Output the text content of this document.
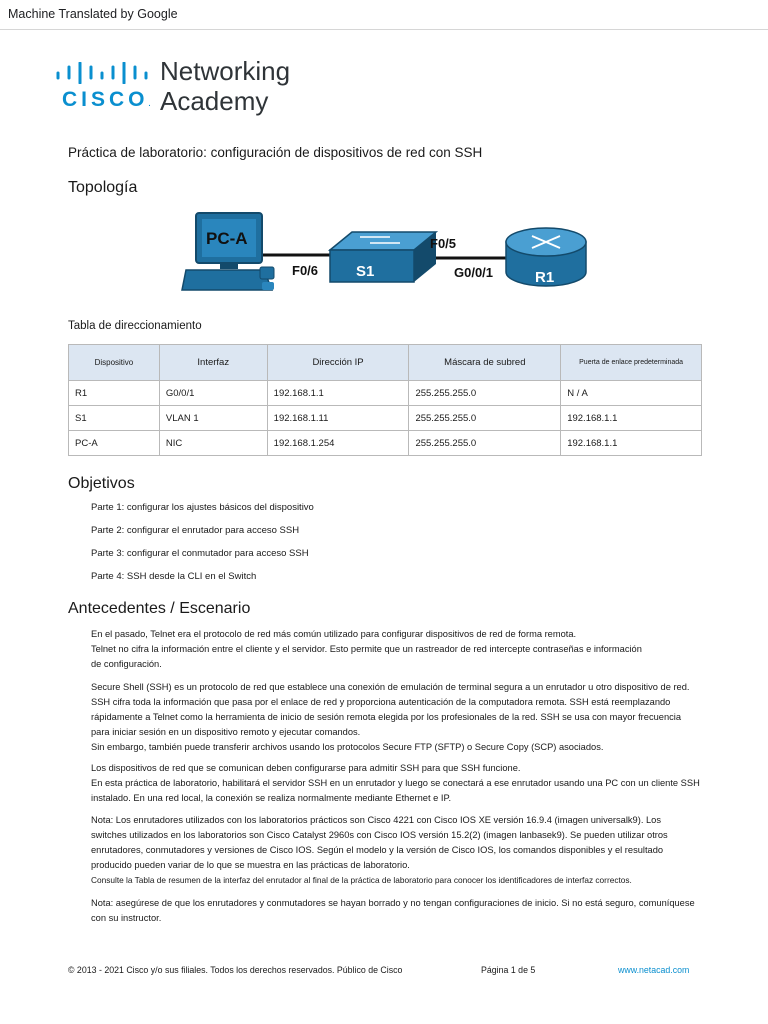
Machine Translated by Google
CISCO.
Networking
Academy
Práctica de laboratorio: configuración de dispositivos de red con SSH
Topología
PC-A
S1	R1
F0/6
F0/5
G0/0/1
Tabla de direccionamiento
Dispositivo	Interfaz	Dirección IP	Máscara de subred	Puerta de enlace predeterminada
R1	G0/0/1	192.168.1.1	255.255.255.0	N / A
S1	VLAN 1	192.168.1.11	255.255.255.0	192.168.1.1
PC-A	NIC	192.168.1.254	255.255.255.0	192.168.1.1
Objetivos
Parte 1: configurar los ajustes básicos del dispositivo
Parte 2: configurar el enrutador para acceso SSH
Parte 3: configurar el conmutador para acceso SSH
Parte 4: SSH desde la CLI en el Switch
Antecedentes / Escenario
En el pasado, Telnet era el protocolo de red más común utilizado para configurar dispositivos de red de forma remota.
Telnet no cifra la información entre el cliente y el servidor. Esto permite que un rastreador de red intercepte contraseñas e información
de configuración.
Secure Shell (SSH) es un protocolo de red que establece una conexión de emulación de terminal segura a un enrutador u otro dispositivo de red.
SSH cifra toda la información que pasa por el enlace de red y proporciona autenticación de la computadora remota. SSH está reemplazando
rápidamente a Telnet como la herramienta de inicio de sesión remota elegida por los profesionales de la red. SSH se usa con mayor frecuencia
para iniciar sesión en un dispositivo remoto y ejecutar comandos.
Sin embargo, también puede transferir archivos usando los protocolos Secure FTP (SFTP) o Secure Copy (SCP) asociados.
Los dispositivos de red que se comunican deben configurarse para admitir SSH para que SSH funcione.
En esta práctica de laboratorio, habilitará el servidor SSH en un enrutador y luego se conectará a ese enrutador usando una PC con un cliente SSH
instalado. En una red local, la conexión se realiza normalmente mediante Ethernet e IP.
Nota: Los enrutadores utilizados con los laboratorios prácticos son Cisco 4221 con Cisco IOS XE versión 16.9.4 (imagen universalk9). Los
switches utilizados en los laboratorios son Cisco Catalyst 2960s con Cisco IOS versión 15.2(2) (imagen lanbasek9). Se pueden utilizar otros
enrutadores, conmutadores y versiones de Cisco IOS. Según el modelo y la versión de Cisco IOS, los comandos disponibles y el resultado
producido pueden variar de lo que se muestra en las prácticas de laboratorio.
Consulte la Tabla de resumen de la interfaz del enrutador al final de la práctica de laboratorio para conocer los identificadores de interfaz correctos.
Nota: asegúrese de que los enrutadores y conmutadores se hayan borrado y no tengan configuraciones de inicio. Si no está seguro, comuníquese
con su instructor.
© 2013 - 2021 Cisco y/o sus filiales. Todos los derechos reservados. Público de Cisco	Página 1 de 5	www.netacad.com
